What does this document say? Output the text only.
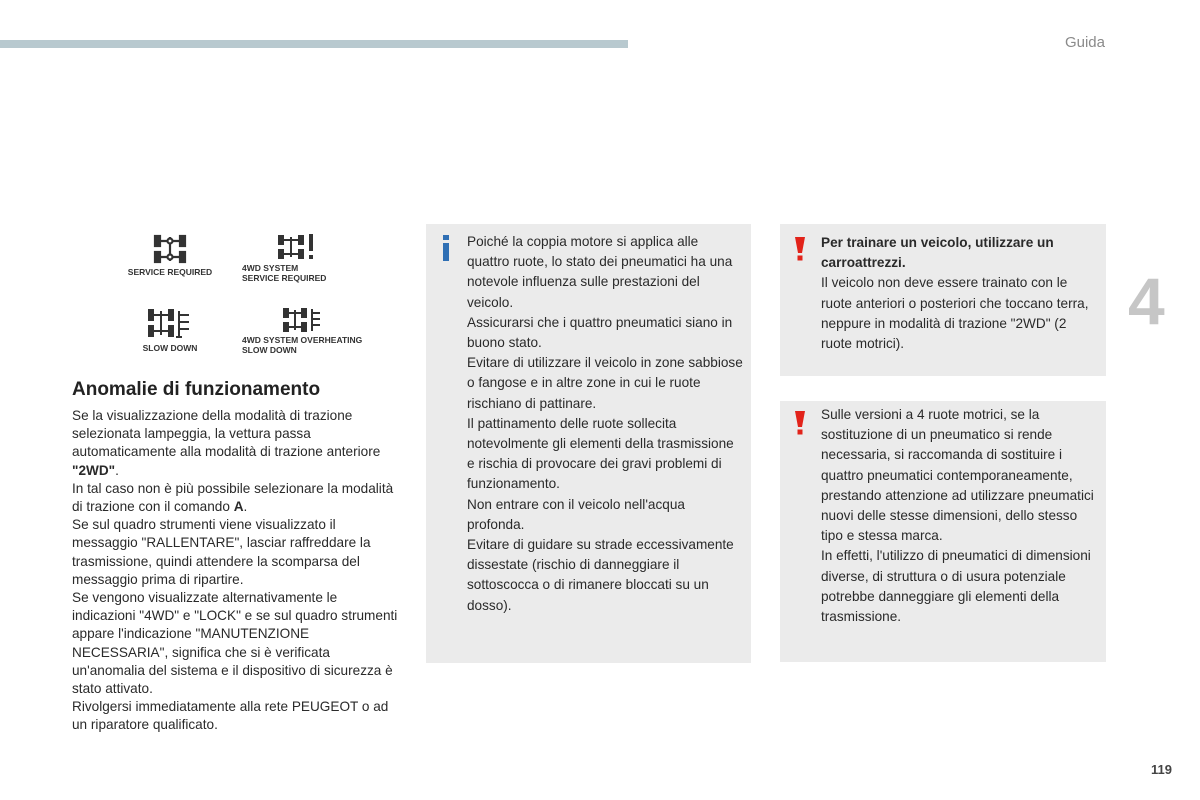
Guida
4
119
SERVICE REQUIRED	4WD SYSTEM
SERVICE REQUIRED
SLOW DOWN
4WD SYSTEM OVERHEATING
SLOW DOWN
Anomalie di funzionamento

Se la visualizzazione della modalità di trazione selezionata lampeggia, la vettura passa automaticamente alla modalità di trazione anteriore "2WD".

In tal caso non è più possibile selezionare la modalità di trazione con il comando A.

Se sul quadro strumenti viene visualizzato il messaggio "RALLENTARE", lasciar raffreddare la trasmissione, quindi attendere la scomparsa del messaggio prima di ripartire.

Se vengono visualizzate alternativamente le indicazioni "4WD" e "LOCK" e se sul quadro strumenti appare l'indicazione "MANUTENZIONE NECESSARIA", significa che si è verificata un'anomalia del sistema e il dispositivo di sicurezza è stato attivato.

Rivolgersi immediatamente alla rete PEUGEOT o ad un riparatore qualificato.

Poiché la coppia motore si applica alle quattro ruote, lo stato dei pneumatici ha una notevole influenza sulle prestazioni del veicolo.

Assicurarsi che i quattro pneumatici siano in buono stato.

Evitare di utilizzare il veicolo in zone sabbiose o fangose e in altre zone in cui le ruote rischiano di pattinare.

Il pattinamento delle ruote sollecita notevolmente gli elementi della trasmissione e rischia di provocare dei gravi problemi di funzionamento.

Non entrare con il veicolo nell'acqua profonda.

Evitare di guidare su strade eccessivamente dissestate (rischio di danneggiare il sottoscocca o di rimanere bloccati su un dosso).

Per trainare un veicolo, utilizzare un carroattrezzi.

Il veicolo non deve essere trainato con le ruote anteriori o posteriori che toccano terra, neppure in modalità di trazione "2WD" (2 ruote motrici).

Sulle versioni a 4 ruote motrici, se la sostituzione di un pneumatico si rende necessaria, si raccomanda di sostituire i quattro pneumatici contemporaneamente, prestando attenzione ad utilizzare pneumatici nuovi delle stesse dimensioni, dello stesso tipo e stessa marca.

In effetti, l'utilizzo di pneumatici di dimensioni diverse, di struttura o di usura potenziale potrebbe danneggiare gli elementi della trasmissione.
